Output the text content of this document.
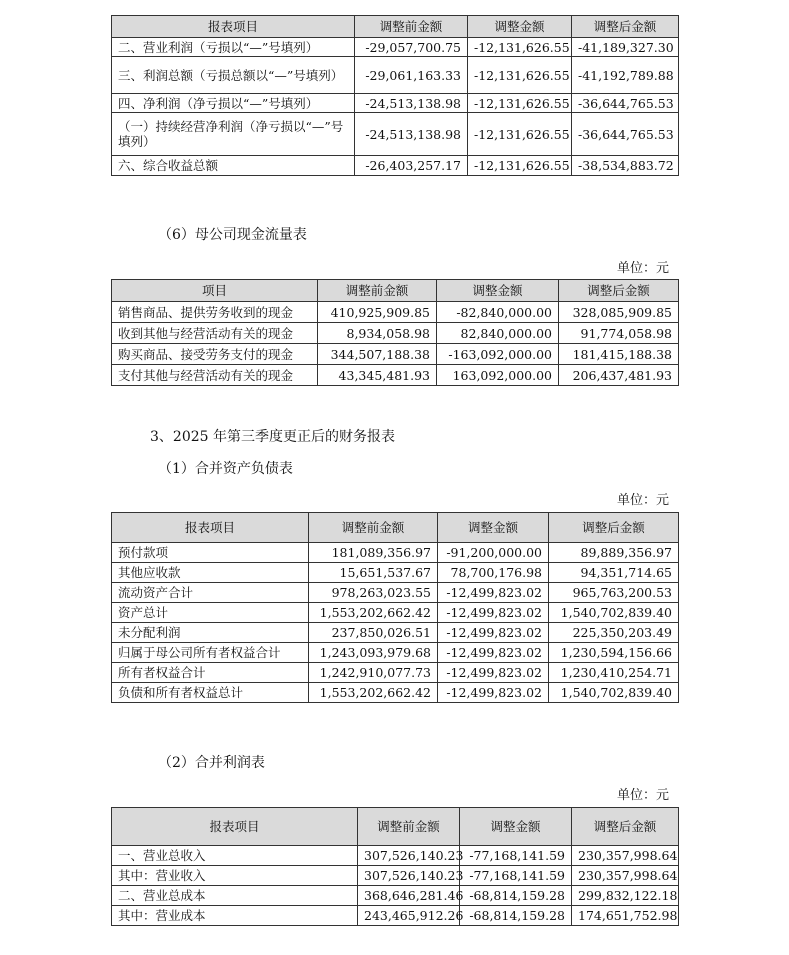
报表项目	调整前金额	调整金额	调整后金额
二、营业利润（亏损以“—”号填列）	-29,057,700.75	-12,131,626.55	-41,189,327.30
三、利润总额（亏损总额以“—”号填列）	-29,061,163.33	-12,131,626.55	-41,192,789.88
四、净利润（净亏损以“—”号填列）	-24,513,138.98	-12,131,626.55	-36,644,765.53
（一）持续经营净利润（净亏损以“—”号填列）	-24,513,138.98	-12,131,626.55	-36,644,765.53
六、综合收益总额	-26,403,257.17	-12,131,626.55	-38,534,883.72
（6）母公司现金流量表
单位：元
项目	调整前金额	调整金额	调整后金额
销售商品、提供劳务收到的现金	410,925,909.85	-82,840,000.00	328,085,909.85
收到其他与经营活动有关的现金	8,934,058.98	82,840,000.00	91,774,058.98
购买商品、接受劳务支付的现金	344,507,188.38	-163,092,000.00	181,415,188.38
支付其他与经营活动有关的现金	43,345,481.93	163,092,000.00	206,437,481.93
3、2025 年第三季度更正后的财务报表
（1）合并资产负债表
单位：元
报表项目	调整前金额	调整金额	调整后金额
预付款项	181,089,356.97	-91,200,000.00	89,889,356.97
其他应收款	15,651,537.67	78,700,176.98	94,351,714.65
流动资产合计	978,263,023.55	-12,499,823.02	965,763,200.53
资产总计	1,553,202,662.42	-12,499,823.02	1,540,702,839.40
未分配利润	237,850,026.51	-12,499,823.02	225,350,203.49
归属于母公司所有者权益合计	1,243,093,979.68	-12,499,823.02	1,230,594,156.66
所有者权益合计	1,242,910,077.73	-12,499,823.02	1,230,410,254.71
负债和所有者权益总计	1,553,202,662.42	-12,499,823.02	1,540,702,839.40
（2）合并利润表
单位：元
报表项目	调整前金额	调整金额	调整后金额
一、营业总收入	307,526,140.23	-77,168,141.59	230,357,998.64
其中：营业收入	307,526,140.23	-77,168,141.59	230,357,998.64
二、营业总成本	368,646,281.46	-68,814,159.28	299,832,122.18
其中：营业成本	243,465,912.26	-68,814,159.28	174,651,752.98
